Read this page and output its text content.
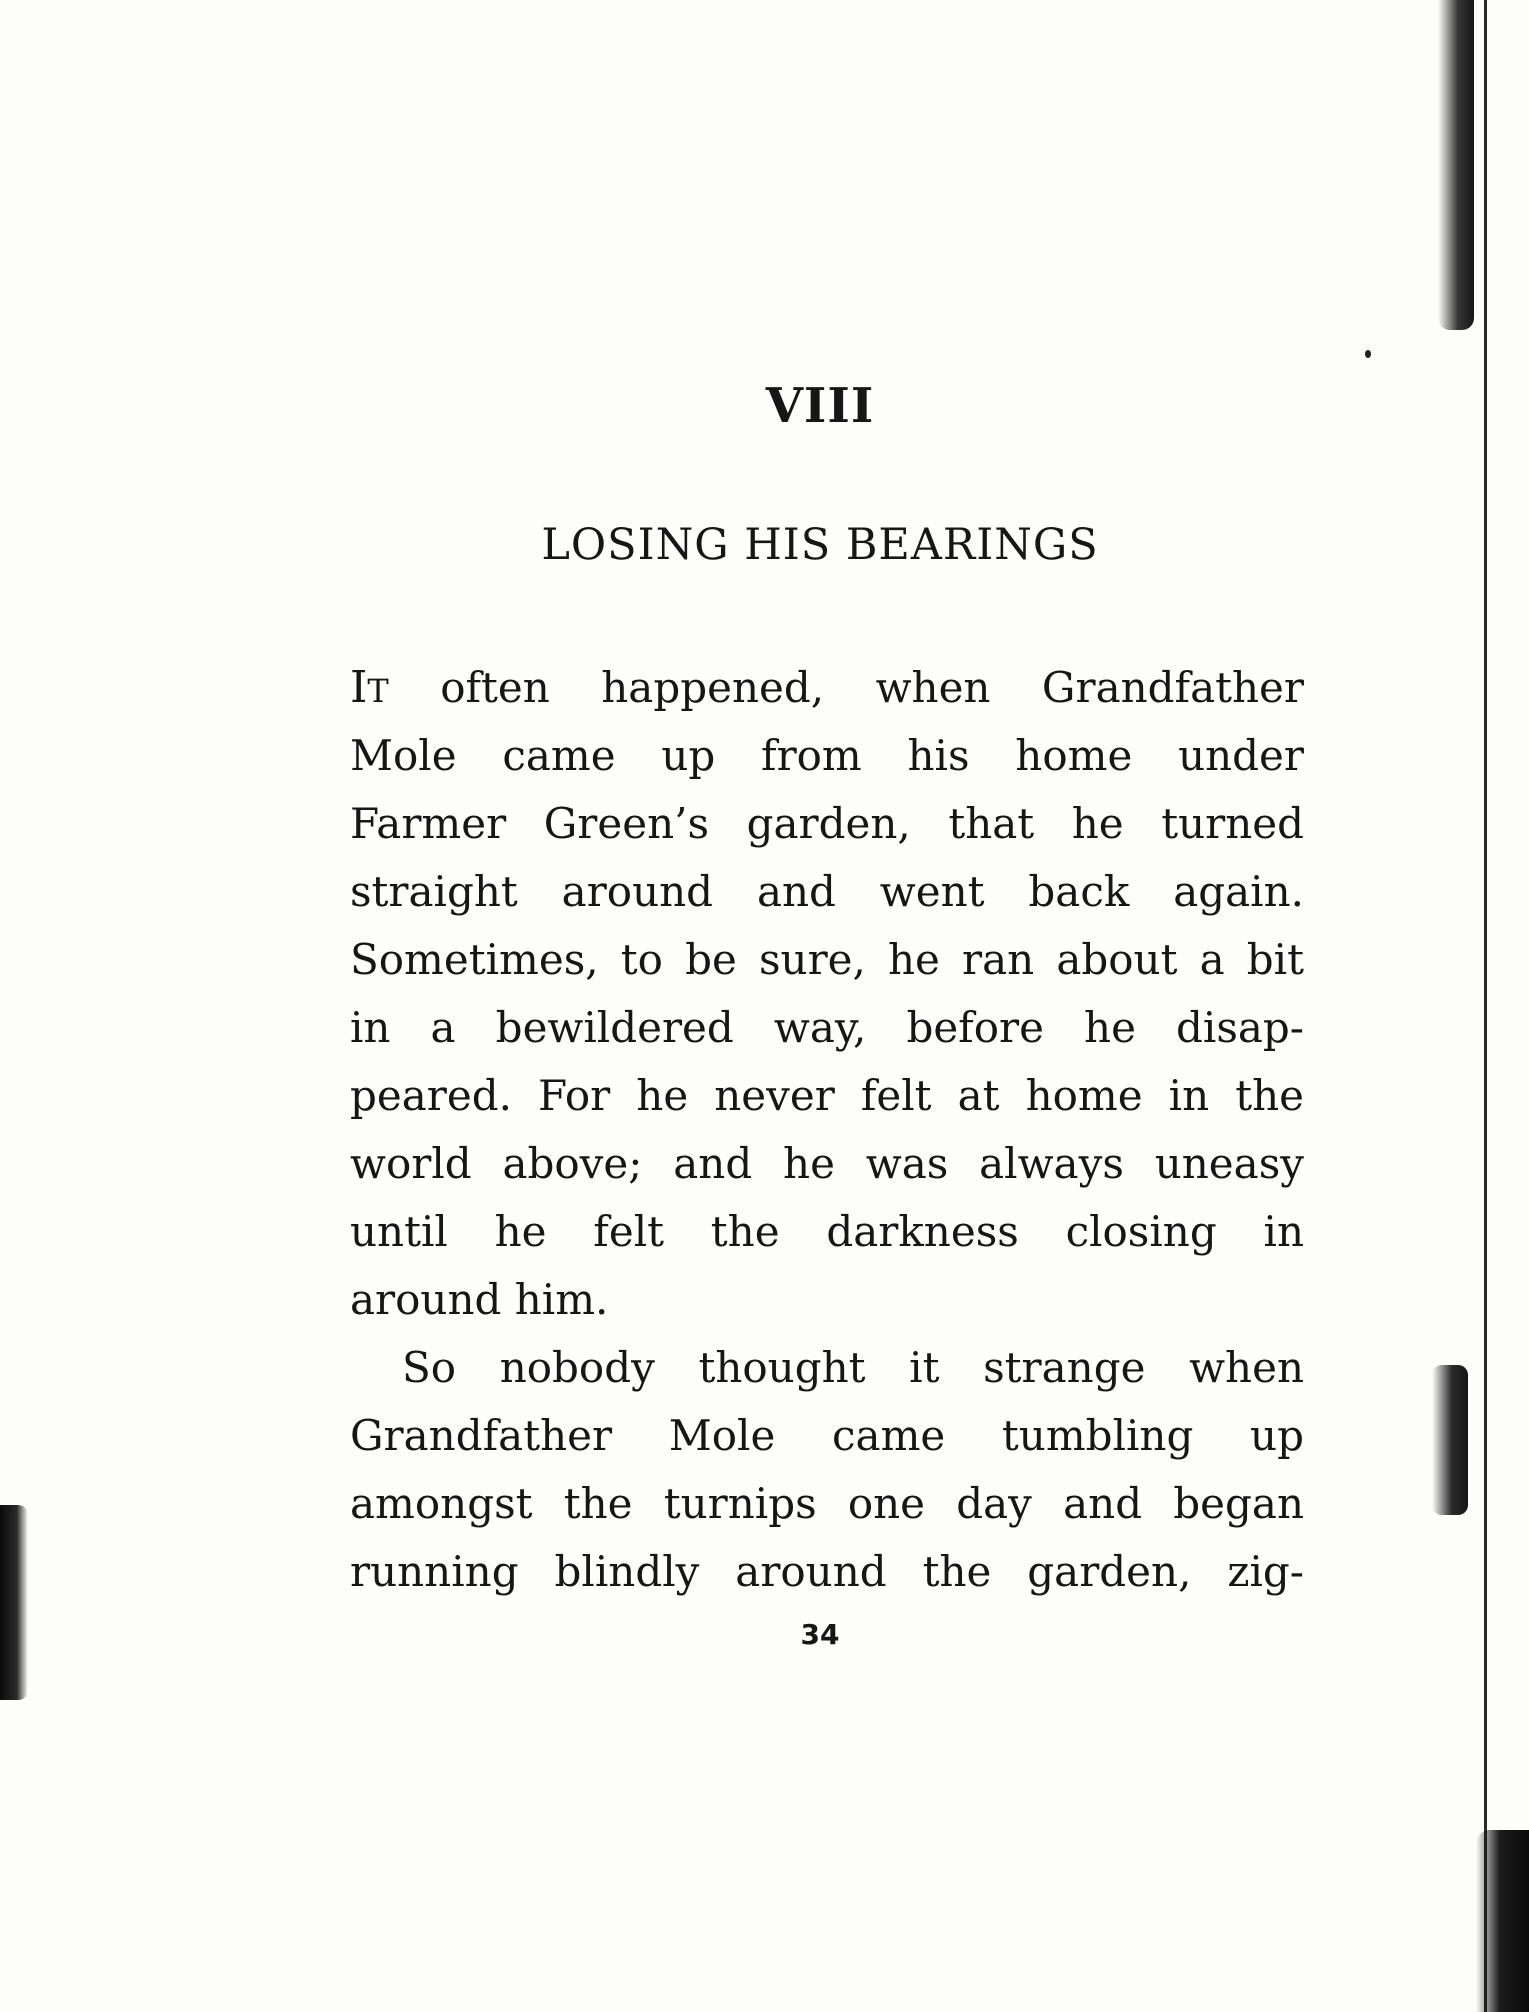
VIII
LOSING HIS BEARINGS
IT often happened, when Grandfather
Mole came up from his home under
Farmer Green’s garden, that he turned
straight around and went back again.
Sometimes, to be sure, he ran about a bit
in a bewildered way, before he disap-
peared. For he never felt at home in the
world above; and he was always uneasy
until he felt the darkness closing in
around him.
So nobody thought it strange when
Grandfather Mole came tumbling up
amongst the turnips one day and began
running blindly around the garden, zig-
34
